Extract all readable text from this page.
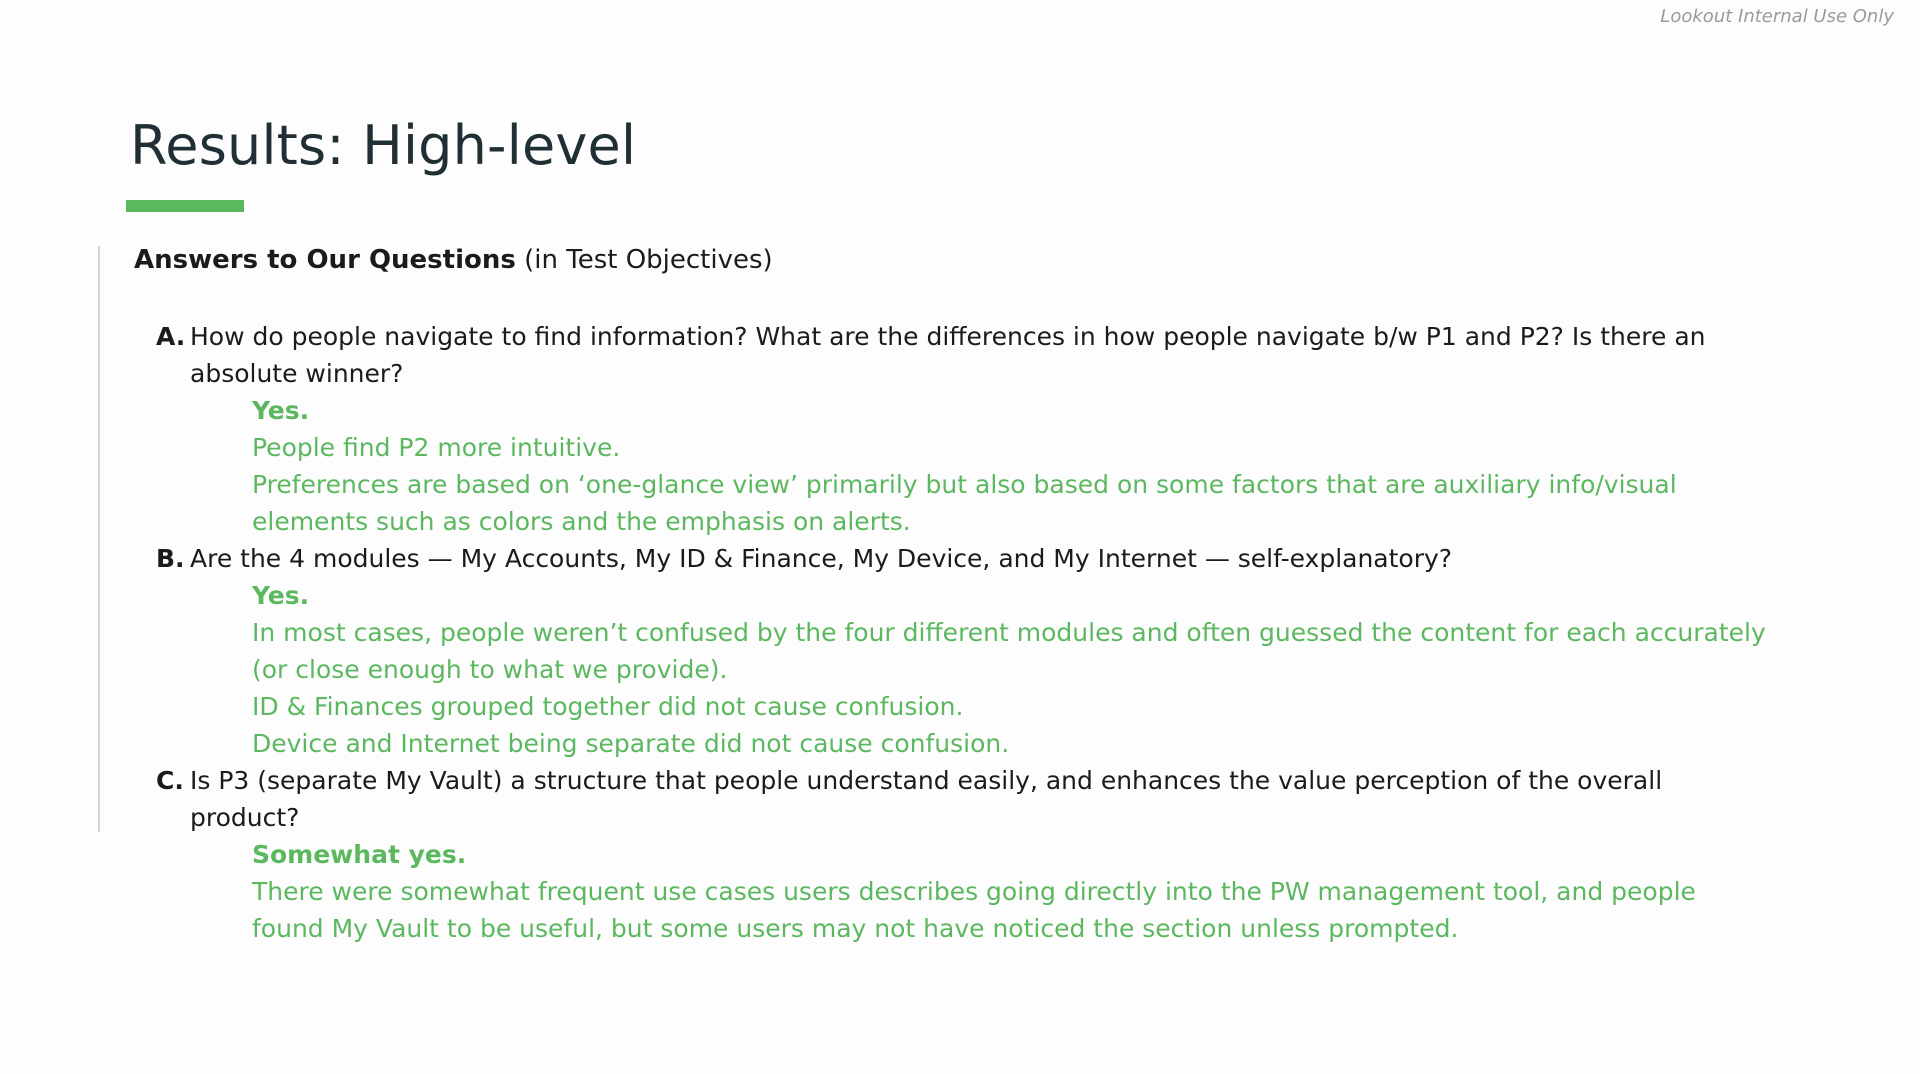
Lookout Internal Use Only
Results: High-level
Answers to Our Questions (in Test Objectives)
A. How do people navigate to find information? What are the differences in how people navigate b/w P1 and P2? Is there an absolute winner?
Yes.
People find P2 more intuitive.
Preferences are based on ‘one-glance view’ primarily but also based on some factors that are auxiliary info/visual elements such as colors and the emphasis on alerts.
B. Are the 4 modules — My Accounts, My ID & Finance, My Device, and My Internet — self-explanatory?
Yes.
In most cases, people weren’t confused by the four different modules and often guessed the content for each accurately (or close enough to what we provide).
ID & Finances grouped together did not cause confusion.
Device and Internet being separate did not cause confusion.
C. Is P3 (separate My Vault) a structure that people understand easily, and enhances the value perception of the overall product?
Somewhat yes.
There were somewhat frequent use cases users describes going directly into the PW management tool, and people found My Vault to be useful, but some users may not have noticed the section unless prompted.
